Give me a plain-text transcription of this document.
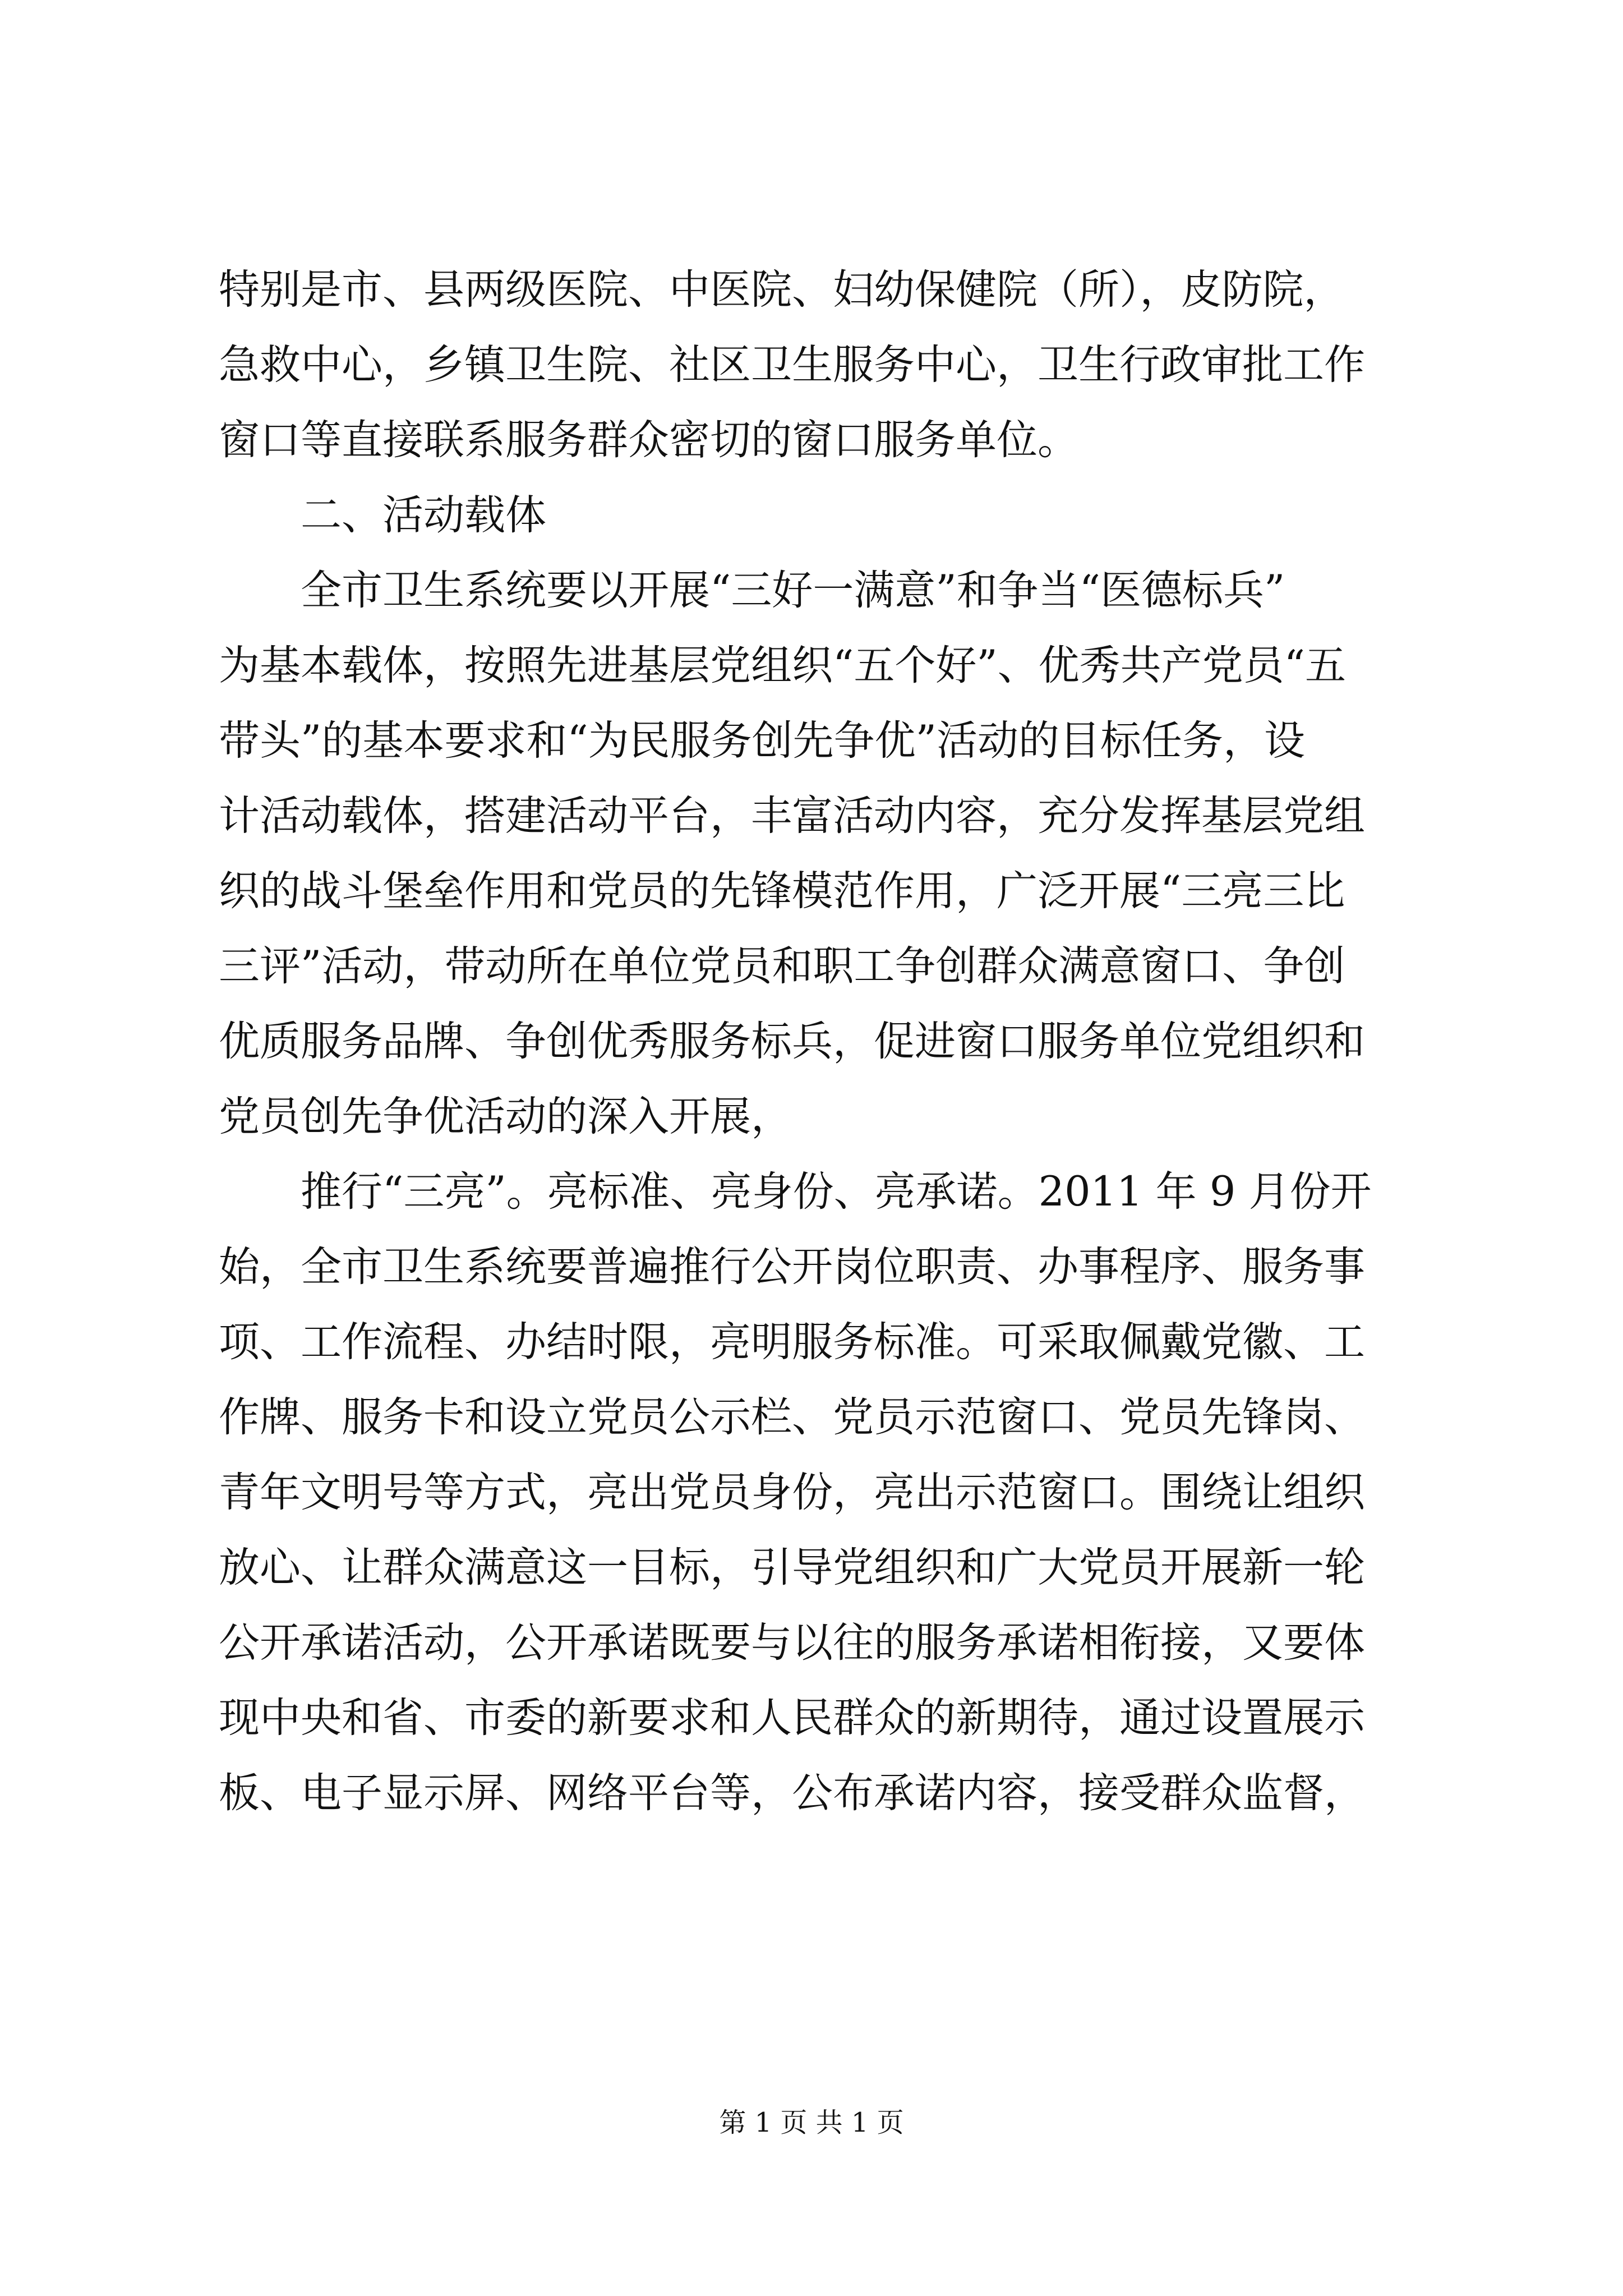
特别是市、县两级医院、中医院、妇幼保健院（所），皮防院，
急救中心，乡镇卫生院、社区卫生服务中心，卫生行政审批工作
窗口等直接联系服务群众密切的窗口服务单位。
二、活动载体
全市卫生系统要以开展“三好一满意”和争当“医德标兵”
为基本载体，按照先进基层党组织“五个好”、优秀共产党员“五
带头”的基本要求和“为民服务创先争优”活动的目标任务，设
计活动载体，搭建活动平台，丰富活动内容，充分发挥基层党组
织的战斗堡垒作用和党员的先锋模范作用，广泛开展“三亮三比
三评”活动，带动所在单位党员和职工争创群众满意窗口、争创
优质服务品牌、争创优秀服务标兵，促进窗口服务单位党组织和
党员创先争优活动的深入开展，
推行“三亮”。亮标准、亮身份、亮承诺。2011 年 9 月份开
始，全市卫生系统要普遍推行公开岗位职责、办事程序、服务事
项、工作流程、办结时限，亮明服务标准。可采取佩戴党徽、工
作牌、服务卡和设立党员公示栏、党员示范窗口、党员先锋岗、
青年文明号等方式，亮出党员身份，亮出示范窗口。围绕让组织
放心、让群众满意这一目标，引导党组织和广大党员开展新一轮
公开承诺活动，公开承诺既要与以往的服务承诺相衔接，又要体
现中央和省、市委的新要求和人民群众的新期待，通过设置展示
板、电子显示屏、网络平台等，公布承诺内容，接受群众监督，
第 1 页 共 1 页
